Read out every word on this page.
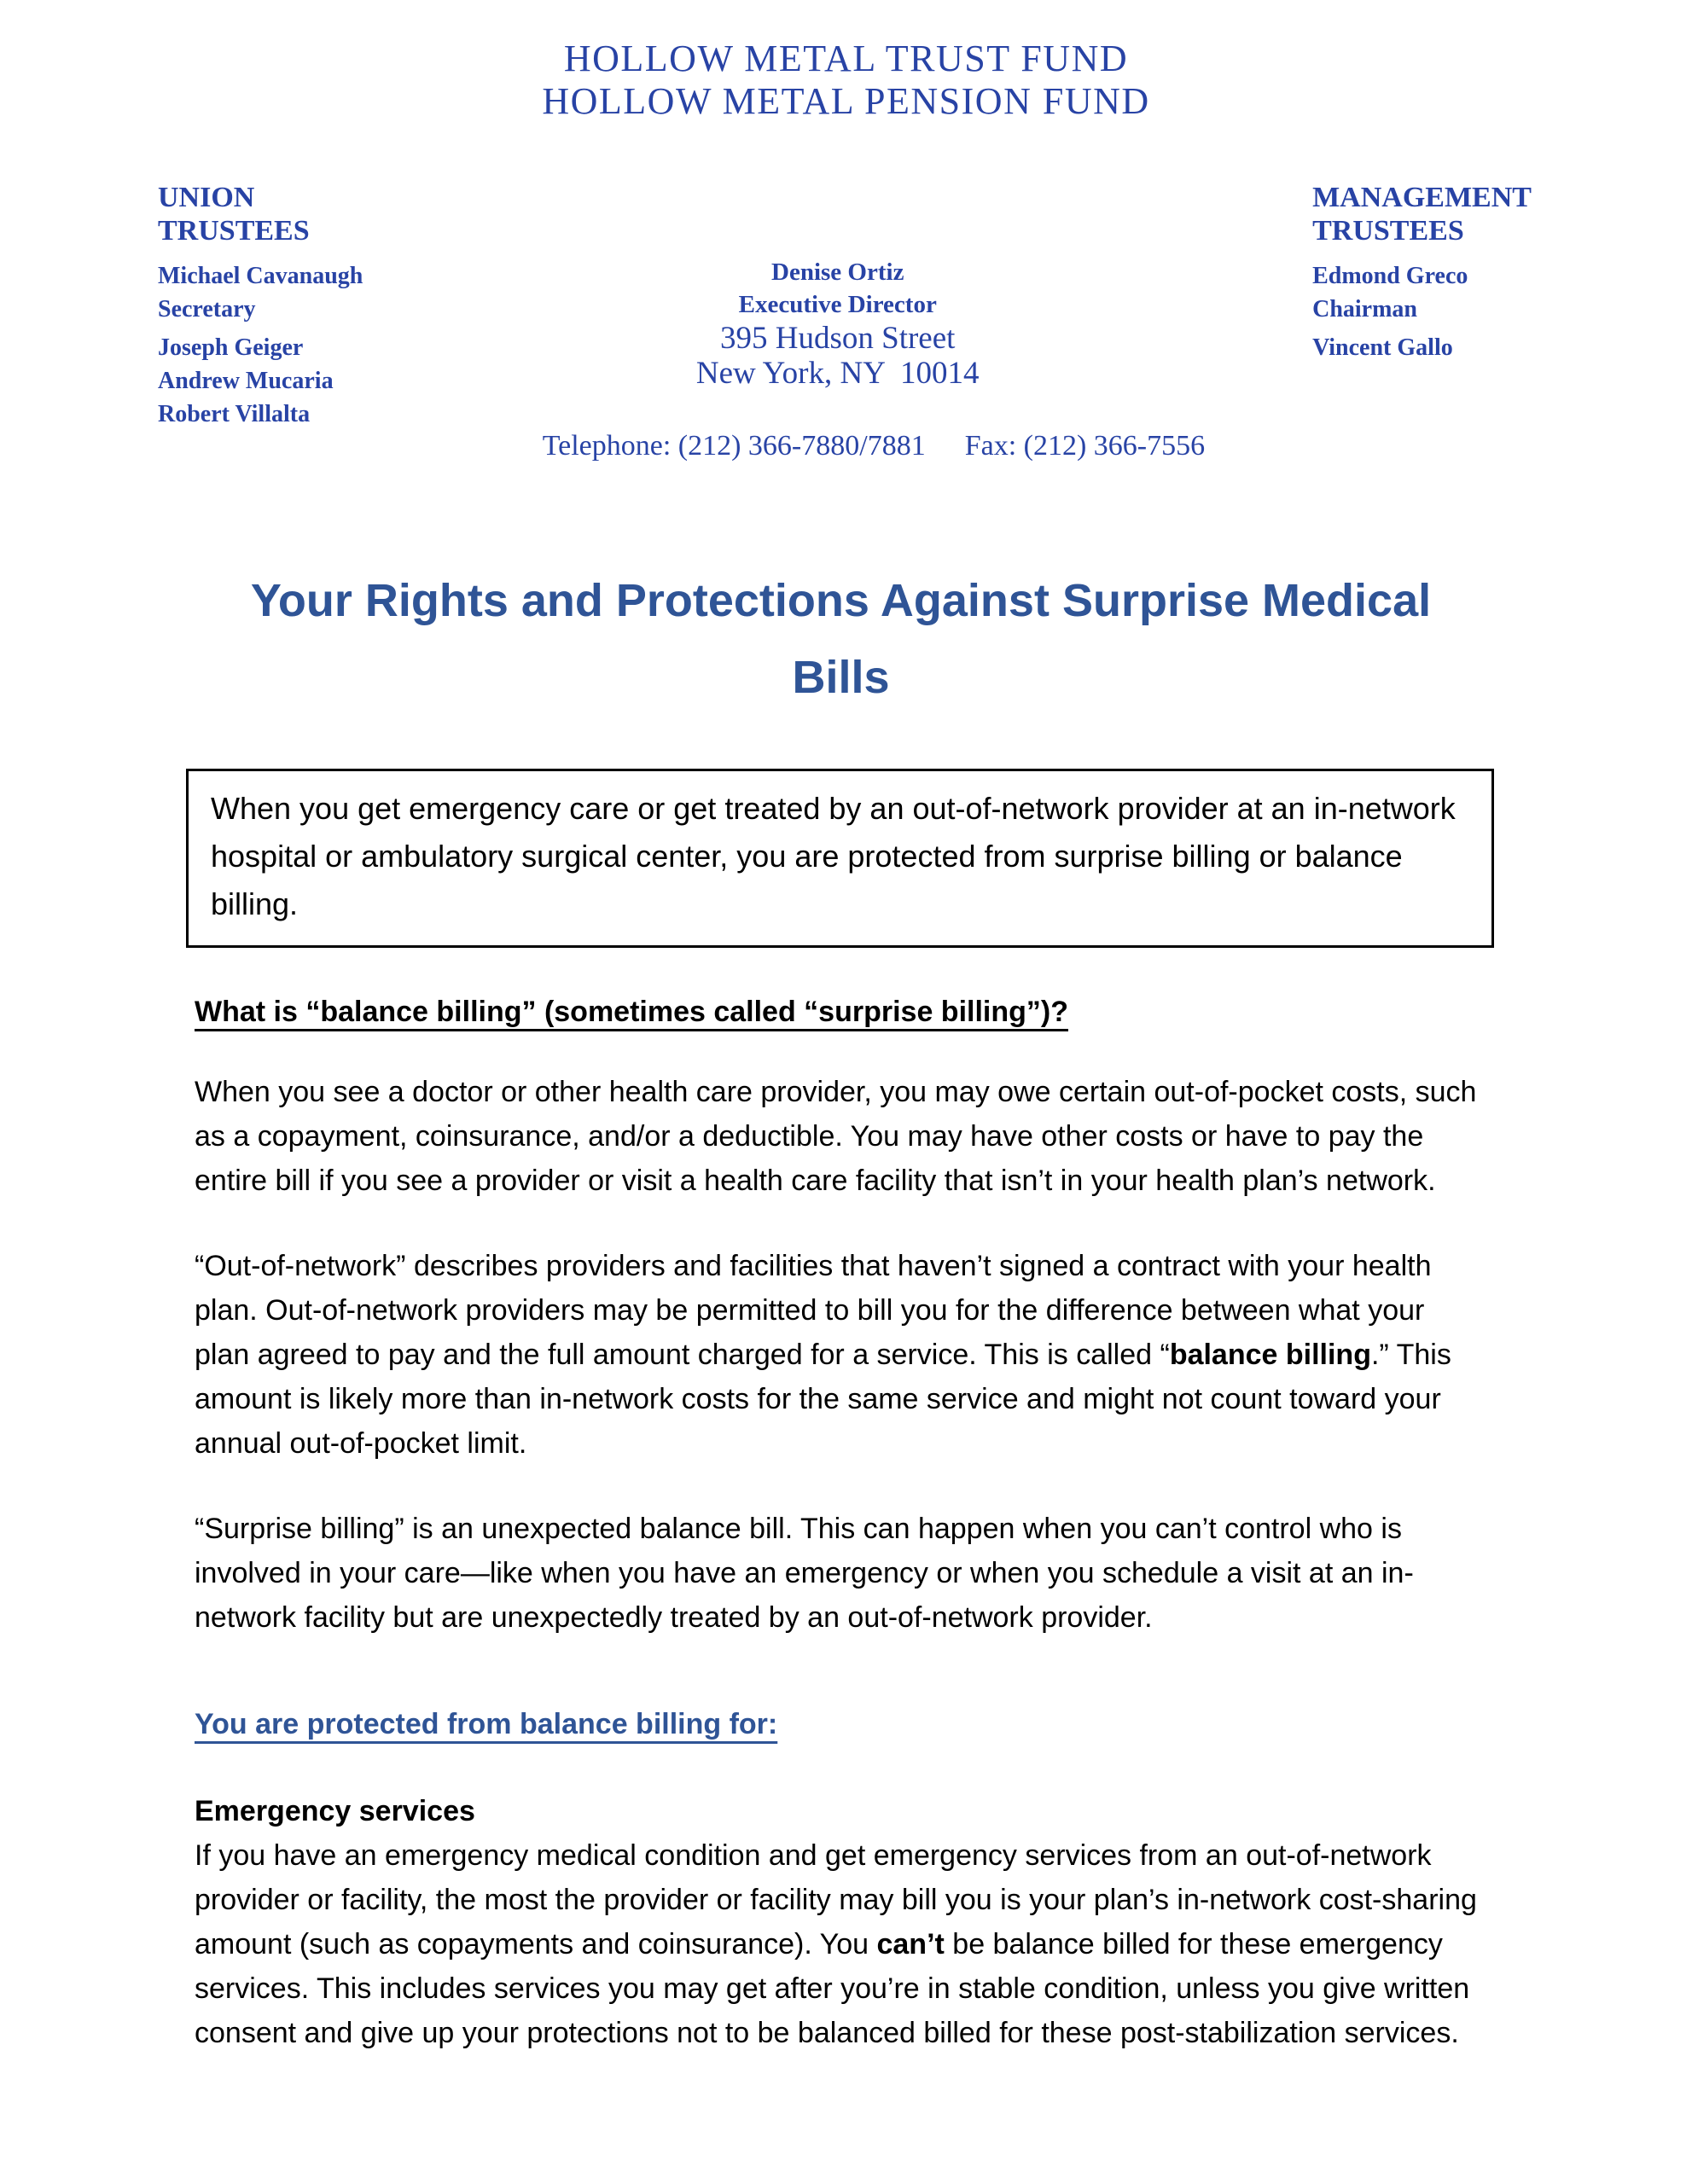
HOLLOW METAL TRUST FUND
HOLLOW METAL PENSION FUND
UNION
TRUSTEES
Michael Cavanaugh
Secretary
Joseph Geiger
Andrew Mucaria
Robert Villalta
Denise Ortiz
Executive Director
395 Hudson Street
New York, NY  10014

Telephone: (212) 366-7880/7881 Fax: (212) 366-7556

MANAGEMENT
TRUSTEES
Edmond Greco
Chairman
Vincent Gallo
Your Rights and Protections Against Surprise Medical
Bills
When you get emergency care or get treated by an out-of-network provider at an in-network hospital or ambulatory surgical center, you are protected from surprise billing or balance billing.
What is “balance billing” (sometimes called “surprise billing”)?

When you see a doctor or other health care provider, you may owe certain out-of-pocket costs, such as a copayment, coinsurance, and/or a deductible. You may have other costs or have to pay the entire bill if you see a provider or visit a health care facility that isn’t in your health plan’s network.

“Out-of-network” describes providers and facilities that haven’t signed a contract with your health plan. Out-of-network providers may be permitted to bill you for the difference between what your plan agreed to pay and the full amount charged for a service. This is called “balance billing.” This amount is likely more than in-network costs for the same service and might not count toward your annual out-of-pocket limit.

“Surprise billing” is an unexpected balance bill. This can happen when you can’t control who is involved in your care—like when you have an emergency or when you schedule a visit at an in-network facility but are unexpectedly treated by an out-of-network provider.

You are protected from balance billing for:
Emergency services

If you have an emergency medical condition and get emergency services from an out-of-network provider or facility, the most the provider or facility may bill you is your plan’s in-network cost-sharing amount (such as copayments and coinsurance). You can’t be balance billed for these emergency services. This includes services you may get after you’re in stable condition, unless you give written consent and give up your protections not to be balanced billed for these post-stabilization services.
